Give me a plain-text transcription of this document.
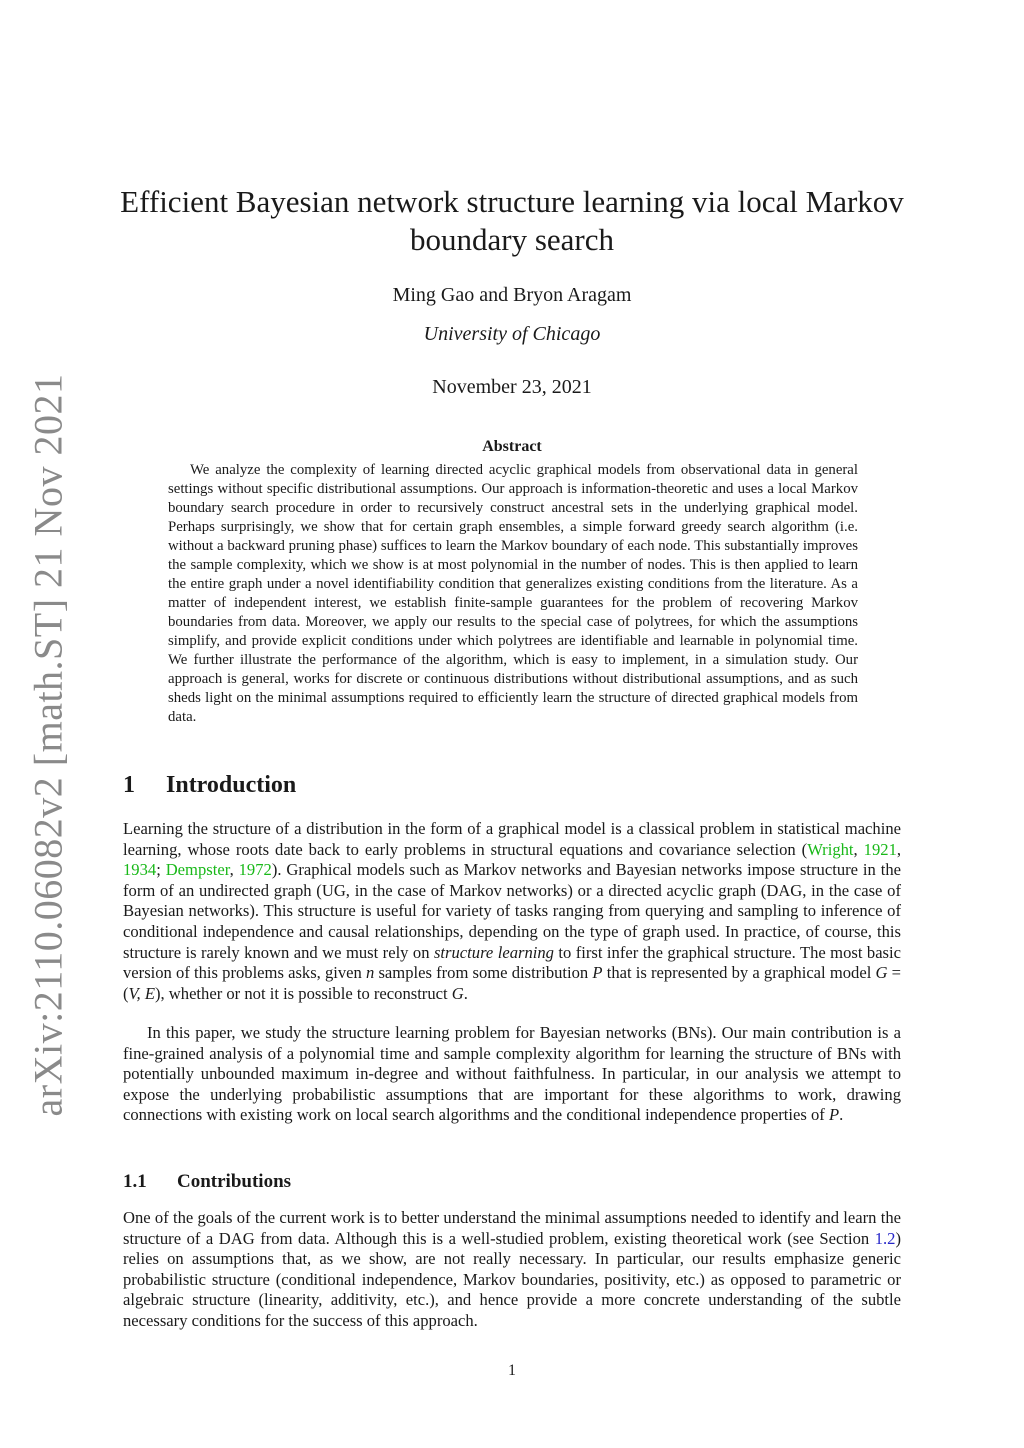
arXiv:2110.06082v2 [math.ST] 21 Nov 2021
Efficient Bayesian network structure learning via local Markov boundary search
Ming Gao and Bryon Aragam
University of Chicago
November 23, 2021
Abstract

We analyze the complexity of learning directed acyclic graphical models from observational data in general settings without specific distributional assumptions. Our approach is information-theoretic and uses a local Markov boundary search procedure in order to recursively construct ancestral sets in the underlying graphical model. Perhaps surprisingly, we show that for certain graph ensembles, a simple forward greedy search algorithm (i.e. without a backward pruning phase) suffices to learn the Markov boundary of each node. This substantially improves the sample complexity, which we show is at most polynomial in the number of nodes. This is then applied to learn the entire graph under a novel identifiability condition that generalizes existing conditions from the literature. As a matter of independent interest, we establish finite-sample guarantees for the problem of recovering Markov boundaries from data. Moreover, we apply our results to the special case of polytrees, for which the assumptions simplify, and provide explicit conditions under which polytrees are identifiable and learnable in polynomial time. We further illustrate the performance of the algorithm, which is easy to implement, in a simulation study. Our approach is general, works for discrete or continuous distributions without distributional assumptions, and as such sheds light on the minimal assumptions required to efficiently learn the structure of directed graphical models from data.

1 Introduction

Learning the structure of a distribution in the form of a graphical model is a classical problem in statistical machine learning, whose roots date back to early problems in structural equations and covariance selection (Wright, 1921, 1934; Dempster, 1972). Graphical models such as Markov networks and Bayesian networks impose structure in the form of an undirected graph (UG, in the case of Markov networks) or a directed acyclic graph (DAG, in the case of Bayesian networks). This structure is useful for variety of tasks ranging from querying and sampling to inference of conditional independence and causal relationships, depending on the type of graph used. In practice, of course, this structure is rarely known and we must rely on structure learning to first infer the graphical structure. The most basic version of this problems asks, given n samples from some distribution P that is represented by a graphical model G = (V, E), whether or not it is possible to reconstruct G.

In this paper, we study the structure learning problem for Bayesian networks (BNs). Our main contribution is a fine-grained analysis of a polynomial time and sample complexity algorithm for learning the structure of BNs with potentially unbounded maximum in-degree and without faithfulness. In particular, in our analysis we attempt to expose the underlying probabilistic assumptions that are important for these algorithms to work, drawing connections with existing work on local search algorithms and the conditional independence properties of P.

1.1 Contributions

One of the goals of the current work is to better understand the minimal assumptions needed to identify and learn the structure of a DAG from data. Although this is a well-studied problem, existing theoretical work (see Section 1.2) relies on assumptions that, as we show, are not really necessary. In particular, our results emphasize generic probabilistic structure (conditional independence, Markov boundaries, positivity, etc.) as opposed to parametric or algebraic structure (linearity, additivity, etc.), and hence provide a more concrete understanding of the subtle necessary conditions for the success of this approach.

1
